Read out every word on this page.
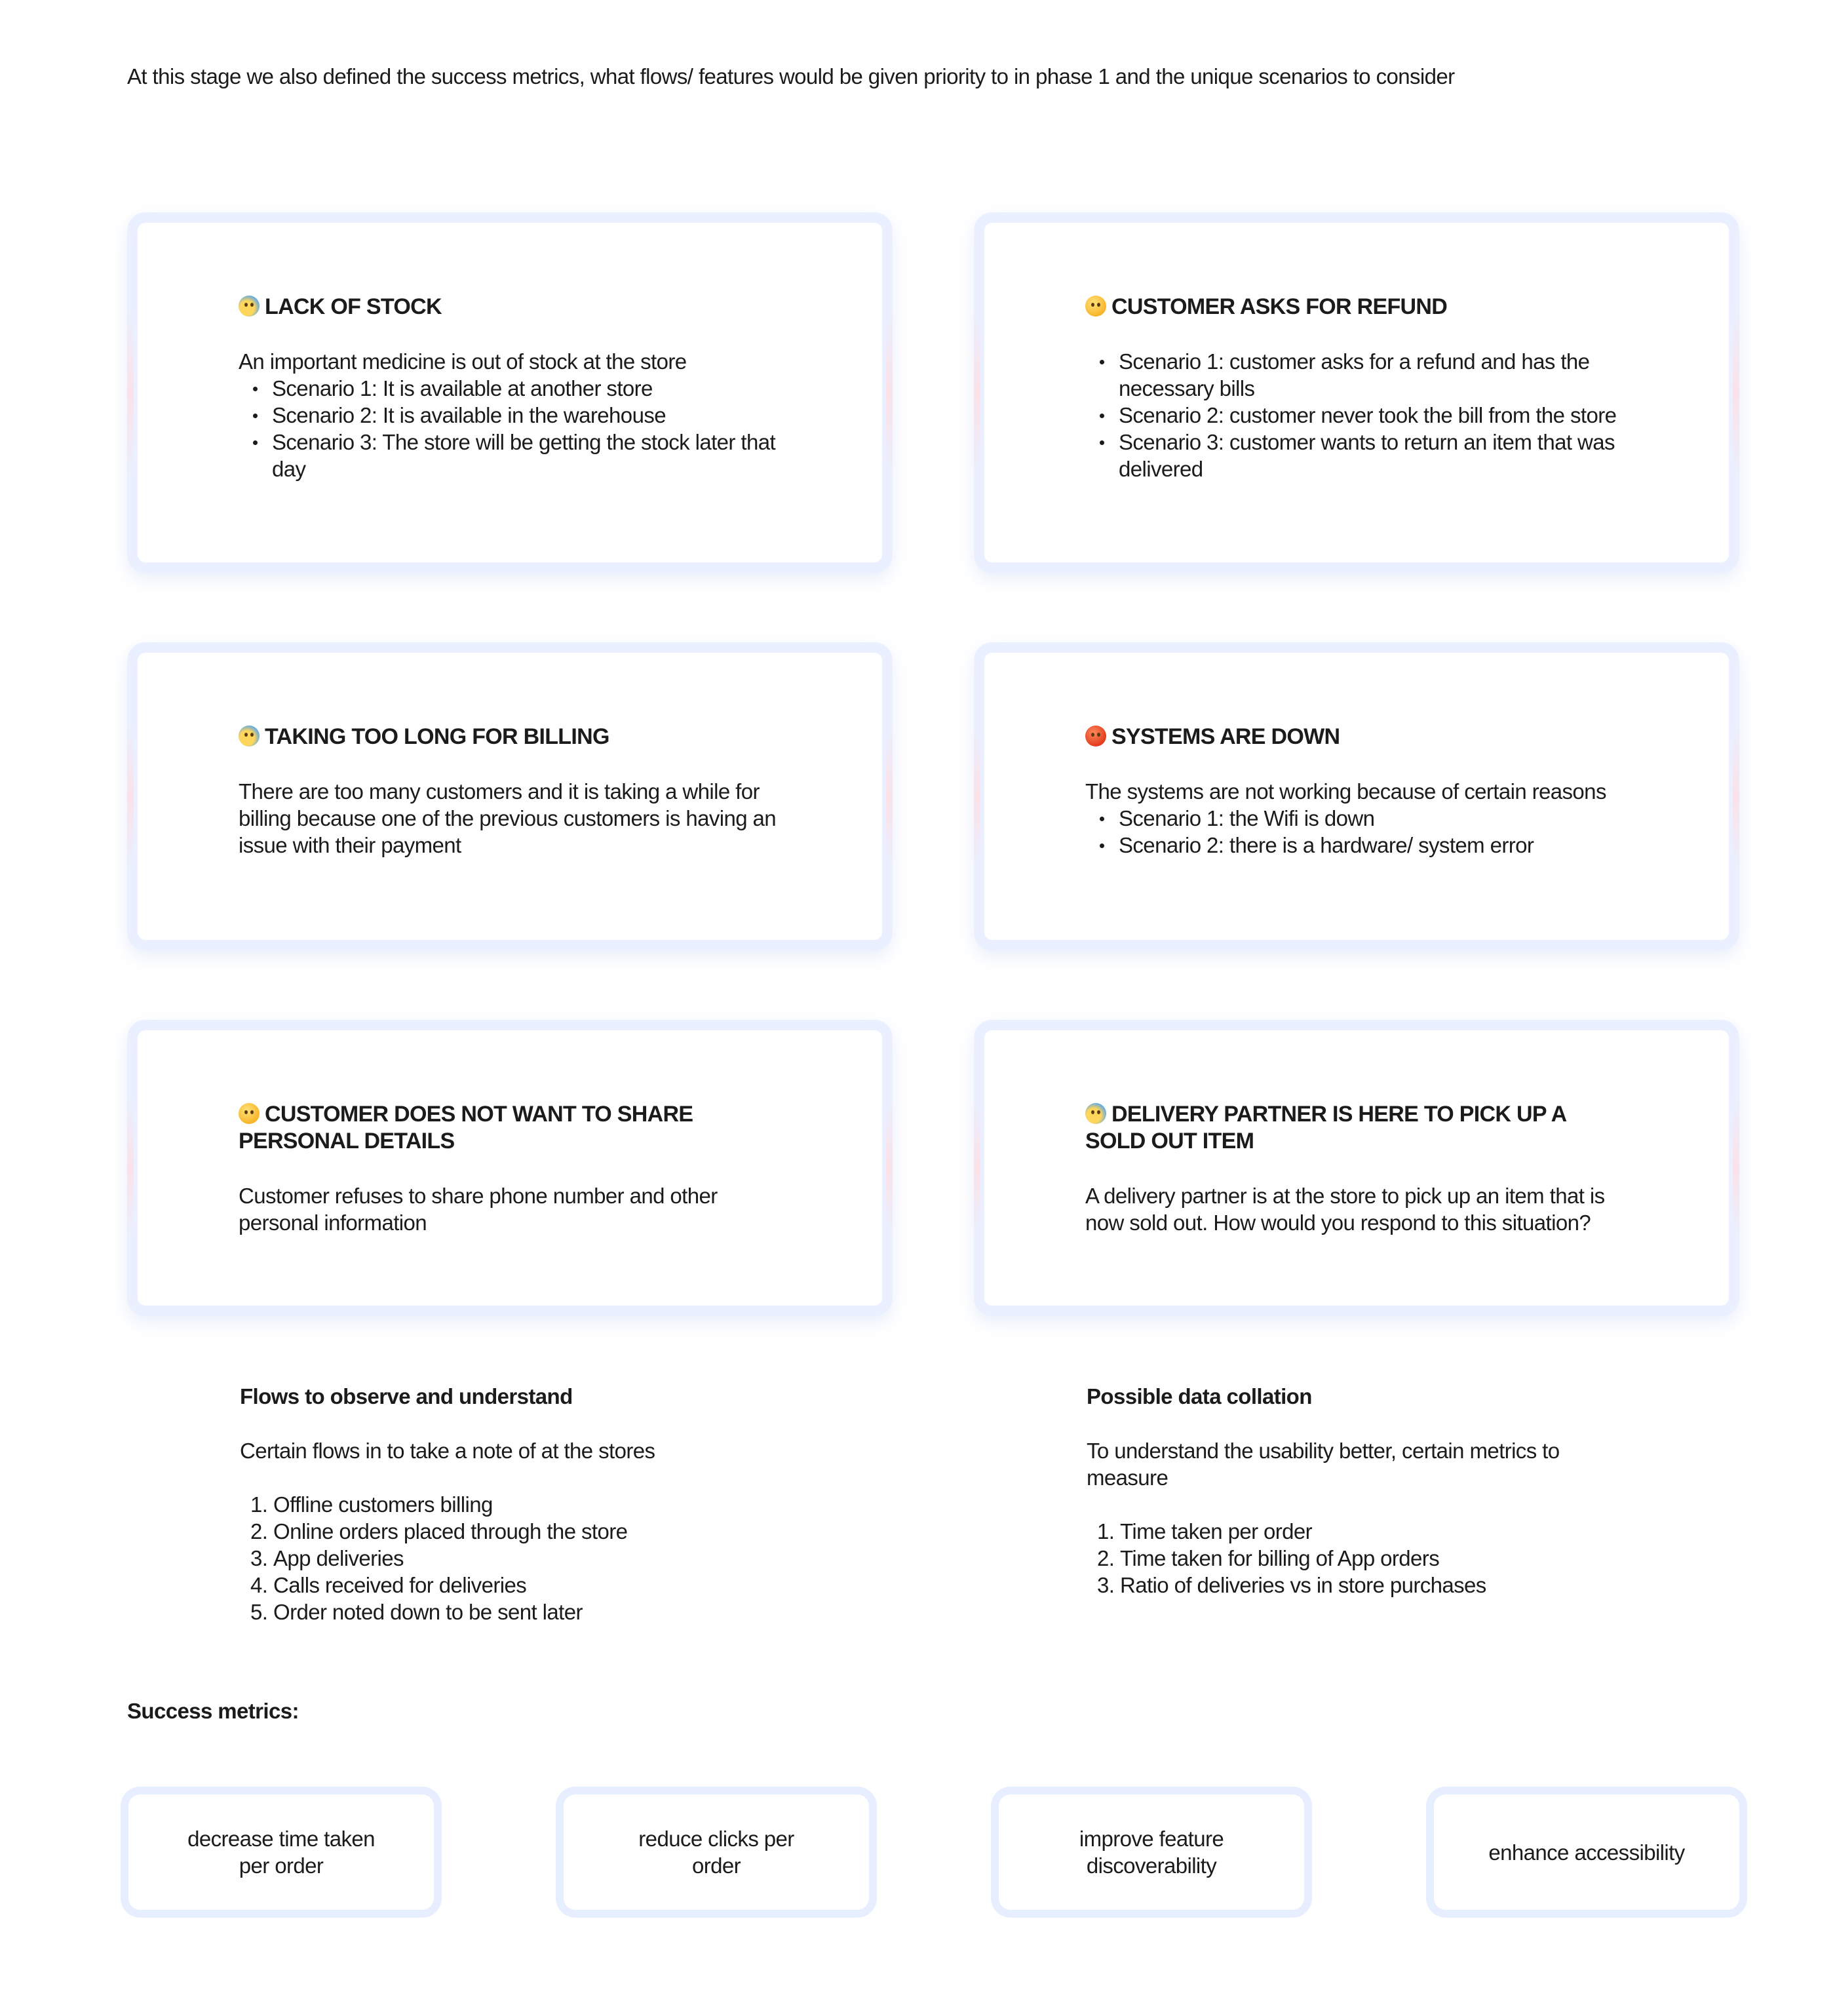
At this stage we also defined the success metrics, what flows/ features would be given priority to in phase 1 and the unique scenarios to consider
LACK OF STOCK
An important medicine is out of stock at the store
Scenario 1: It is available at another store
Scenario 2: It is available in the warehouse
Scenario 3: The store will be getting the stock later that day
CUSTOMER ASKS FOR REFUND
Scenario 1: customer asks for a refund and has the necessary bills
Scenario 2: customer never took the bill from the store
Scenario 3: customer wants to return an item that was delivered
TAKING TOO LONG FOR BILLING
There are too many customers and it is taking a while for billing because one of the previous customers is having an issue with their payment
SYSTEMS ARE DOWN
The systems are not working because of certain reasons
Scenario 1: the Wifi is down
Scenario 2: there is a hardware/ system error
CUSTOMER DOES NOT WANT TO SHARE PERSONAL DETAILS
Customer refuses to share phone number and other personal information
DELIVERY PARTNER IS HERE TO PICK UP A SOLD OUT ITEM
A delivery partner is at the store to pick up an item that is now sold out. How would you respond to this situation?
Flows to observe and understand

Certain flows in to take a note of at the stores

1. Offline customers billing
2. Online orders placed through the store
3. App deliveries
4. Calls received for deliveries
5. Order noted down to be sent later
Possible data collation

To understand the usability better, certain metrics to measure

1. Time taken per order
2. Time taken for billing of App orders
3. Ratio of deliveries vs in store purchases
Success metrics:
decrease time taken per order
reduce clicks per order
improve feature discoverability
enhance accessibility
